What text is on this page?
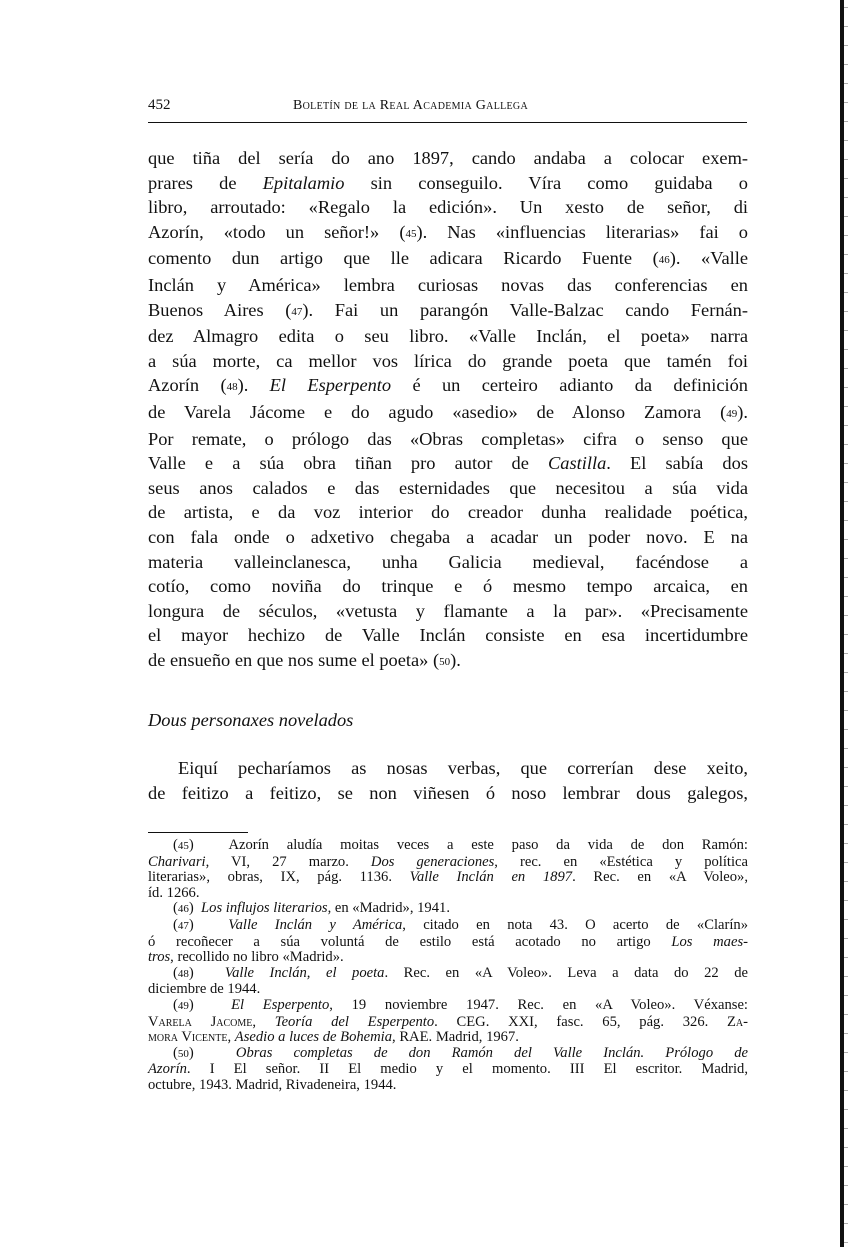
452	Boletín de la Real Academia Gallega
que tiña del sería do ano 1897, cando andaba a colocar exem-
prares de Epitalamio sin conseguilo. Víra como guidaba o
libro, arroutado: «Regalo la edición». Un xesto de señor, di
Azorín, «todo un señor!» (45). Nas «influencias literarias» fai o
comento dun artigo que lle adicara Ricardo Fuente (46). «Valle
Inclán y América» lembra curiosas novas das conferencias en
Buenos Aires (47). Fai un parangón Valle-Balzac cando Fernán-
dez Almagro edita o seu libro. «Valle Inclán, el poeta» narra
a súa morte, ca mellor vos lírica do grande poeta que tamén foi
Azorín (48). El Esperpento é un certeiro adianto da definición
de Varela Jácome e do agudo «asedio» de Alonso Zamora (49).
Por remate, o prólogo das «Obras completas» cifra o senso que
Valle e a súa obra tiñan pro autor de Castilla. El sabía dos
seus anos calados e das esternidades que necesitou a súa vida
de artista, e da voz interior do creador dunha realidade poética,
con fala onde o adxetivo chegaba a acadar un poder novo. E na
materia valleinclanesca, unha Galicia medieval, facéndose a
cotío, como noviña do trinque e ó mesmo tempo arcaica, en
longura de séculos, «vetusta y flamante a la par». «Precisamente
el mayor hechizo de Valle Inclán consiste en esa incertidumbre
de ensueño en que nos sume el poeta» (50).
Dous personaxes novelados
Eiquí pecharíamos as nosas verbas, que correrían dese xeito,
de feitizo a feitizo, se non viñesen ó noso lembrar dous galegos,
(45)  Azorín aludía moitas veces a este paso da vida de don Ramón:
Charivari, VI, 27 marzo. Dos generaciones, rec. en «Estética y política
literarias», obras, IX, pág. 1136. Valle Inclán en 1897. Rec. en «A Voleo»,
íd. 1266.
(46)  Los influjos literarios, en «Madrid», 1941.
(47)  Valle Inclán y América, citado en nota 43. O acerto de «Clarín»
ó recoñecer a súa voluntá de estilo está acotado no artigo Los maes-
tros, recollido no libro «Madrid».
(48)  Valle Inclán, el poeta. Rec. en «A Voleo». Leva a data do 22 de
diciembre de 1944.
(49)  El Esperpento, 19 noviembre 1947. Rec. en «A Voleo». Véxanse:
Varela Jacome, Teoría del Esperpento. CEG. XXI, fasc. 65, pág. 326. Za-
mora Vicente, Asedio a luces de Bohemia, RAE. Madrid, 1967.
(50)  Obras completas de don Ramón del Valle Inclán. Prólogo de
Azorín. I El señor. II El medio y el momento. III El escritor. Madrid,
octubre, 1943. Madrid, Rivadeneira, 1944.
